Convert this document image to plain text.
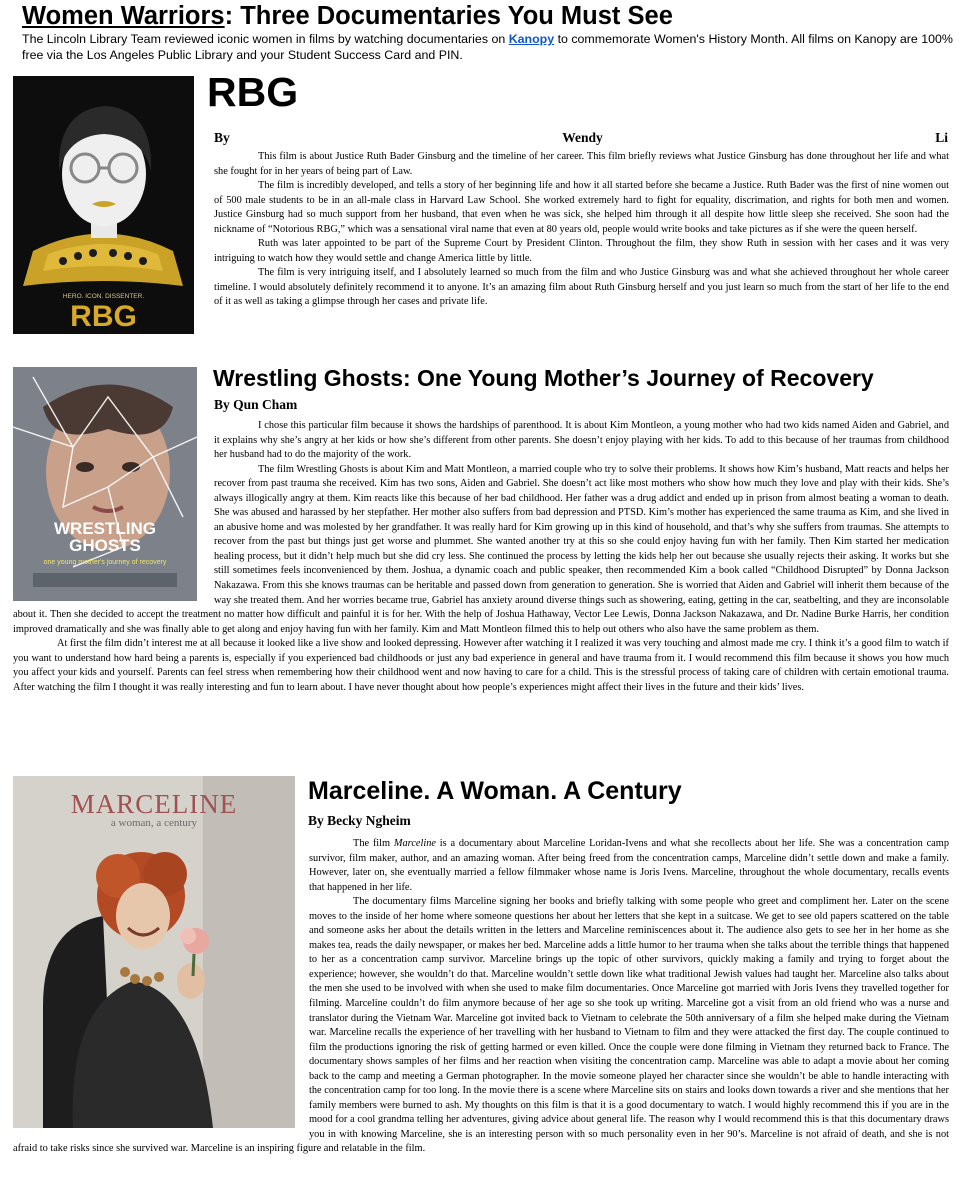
Women Warriors: Three Documentaries You Must See

The Lincoln Library Team reviewed iconic women in films by watching documentaries on Kanopy to commemorate Women's History Month. All films on Kanopy are 100% free via the Los Angeles Public Library and your Student Success Card and PIN.

HERO. ICON. DISSENTER.
RBG
RBG
By	Wendy	Li

This film is about Justice Ruth Bader Ginsburg and the timeline of her career. This film briefly reviews what Justice Ginsburg has done throughout her life and what she fought for in her years of being part of Law.

The film is incredibly developed, and tells a story of her beginning life and how it all started before she became a Justice. Ruth Bader was the first of nine women out of 500 male students to be in an all-male class in Harvard Law School. She worked extremely hard to fight for equality, discrimation, and rights for both men and women. Justice Ginsburg had so much support from her husband, that even when he was sick, she helped him through it all despite how little sleep she received. She soon had the nickname of “Notorious RBG,” which was a sensational viral name that even at 80 years old, people would write books and take pictures as if she were the queen herself.

Ruth was later appointed to be part of the Supreme Court by President Clinton. Throughout the film, they show Ruth in session with her cases and it was very intriguing to watch how they would settle and change America little by little.

The film is very intriguing itself, and I absolutely learned so much from the film and who Justice Ginsburg was and what she achieved throughout her whole career timeline. I would absolutely definitely recommend it to anyone. It’s an amazing film about Ruth Ginsburg herself and you just learn so much from the start of her life to the end of it as well as taking a glimpse through her cases and private life.

WRESTLING
GHOSTS
one young mother's journey of recovery
Wrestling Ghosts: One Young Mother’s Journey of Recovery
By Qun Cham

I chose this particular film because it shows the hardships of parenthood. It is about Kim Montleon, a young mother who had two kids named Aiden and Gabriel, and it explains why she’s angry at her kids or how she’s different from other parents. She doesn’t enjoy playing with her kids. To add to this because of her traumas from childhood her husband had to do the majority of the work.

The film Wrestling Ghosts is about Kim and Matt Montleon, a married couple who try to solve their problems. It shows how Kim’s husband, Matt reacts and helps her recover from past trauma she received. Kim has two sons, Aiden and Gabriel. She doesn’t act like most mothers who show how much they love and play with their kids. She’s always illogically angry at them. Kim reacts like this because of her bad childhood. Her father was a drug addict and ended up in prison from almost beating a woman to death. She was abused and harassed by her stepfather. Her mother also suffers from bad depression and PTSD. Kim’s mother has experienced the same trauma as Kim, and she lived in an abusive home and was molested by her grandfather. It was really hard for Kim growing up in this kind of household, and that’s why she suffers from traumas. She attempts to recover from the past but things just get worse and plummet. She wanted another try at this so she could enjoy having fun with her family. Then Kim started her medication healing process, but it didn’t help much but she did cry less. She continued the process by letting the kids help her out because she usually rejects their asking. It works but she still sometimes feels inconvenienced by them. Joshua, a dynamic coach and public speaker, then recommended Kim a book called “Childhood Disrupted” by Donna Jackson Nakazawa. From this she knows traumas can be heritable and passed down from generation to generation. She is worried that Aiden and Gabriel will inherit them because of the way she treated them. And her worries became true, Gabriel has anxiety around diverse things such as showering, eating, getting in the car, seatbelting, and they are inconsolable about it. Then she decided to accept the treatment no matter how difficult and painful it is for her. With the help of Joshua Hathaway, Vector Lee Lewis, Donna Jackson Nakazawa, and Dr. Nadine Burke Harris, her condition improved dramatically and she was finally able to get along and enjoy having fun with her family. Kim and Matt Montleon filmed this to help out others who also have the same problem as them.

At first the film didn’t interest me at all because it looked like a live show and looked depressing. However after watching it I realized it was very touching and almost made me cry. I think it’s a good film to watch if you want to understand how hard being a parents is, especially if you experienced bad childhoods or just any bad experience in general and have trauma from it. I would recommend this film because it shows you how much you affect your kids and yourself. Parents can feel stress when remembering how their childhood went and now having to care for a child. This is the stressful process of taking care of children with certain emotional trauma. After watching the film I thought it was really interesting and fun to learn about. I have never thought about how people’s experiences might affect their lives in the future and their kids’ lives.

MARCELINE
a woman, a century
Marceline. A Woman. A Century
By Becky Ngheim

The film Marceline is a documentary about Marceline Loridan-Ivens and what she recollects about her life. She was a concentration camp survivor, film maker, author, and an amazing woman. After being freed from the concentration camps, Marceline didn’t settle down and make a family. However, later on, she eventually married a fellow filmmaker whose name is Joris Ivens. Marceline, throughout the whole documentary, recalls events that happened in her life.

The documentary films Marceline signing her books and briefly talking with some people who greet and compliment her. Later on the scene moves to the inside of her home where someone questions her about her letters that she kept in a suitcase. We get to see old papers scattered on the table and someone asks her about the details written in the letters and Marceline reminiscences about it. The audience also gets to see her in her home as she makes tea, reads the daily newspaper, or makes her bed. Marceline adds a little humor to her trauma when she talks about the terrible things that happened to her as a concentration camp survivor. Marceline brings up the topic of other survivors, quickly making a family and trying to forget about the experience; however, she wouldn’t do that. Marceline wouldn’t settle down like what traditional Jewish values had taught her. Marceline also talks about the men she used to be involved with when she used to make film documentaries. Once Marceline got married with Joris Ivens they travelled together for filming. Marceline couldn’t do film anymore because of her age so she took up writing. Marceline got a visit from an old friend who was a nurse and translator during the Vietnam War. Marceline got invited back to Vietnam to celebrate the 50th anniversary of a film she helped make during the Vietnam war. Marceline recalls the experience of her travelling with her husband to Vietnam to film and they were attacked the first day. The couple continued to film the productions ignoring the risk of getting harmed or even killed. Once the couple were done filming in Vietnam they returned back to France. The documentary shows samples of her films and her reaction when visiting the concentration camp. Marceline was able to adapt a movie about her coming back to the camp and meeting a German photographer. In the movie someone played her character since she wouldn’t be able to handle interacting with the concentration camp for too long. In the movie there is a scene where Marceline sits on stairs and looks down towards a river and she mentions that her family members were burned to ash. My thoughts on this film is that it is a good documentary to watch. I would highly recommend this if you are in the mood for a cool grandma telling her adventures, giving advice about general life. The reason why I would recommend this is that this documentary draws you in with knowing Marceline, she is an interesting person with so much personality even in her 90’s. Marceline is not afraid of death, and she is not afraid to take risks since she survived war. Marceline is an inspiring figure and relatable in the film.
